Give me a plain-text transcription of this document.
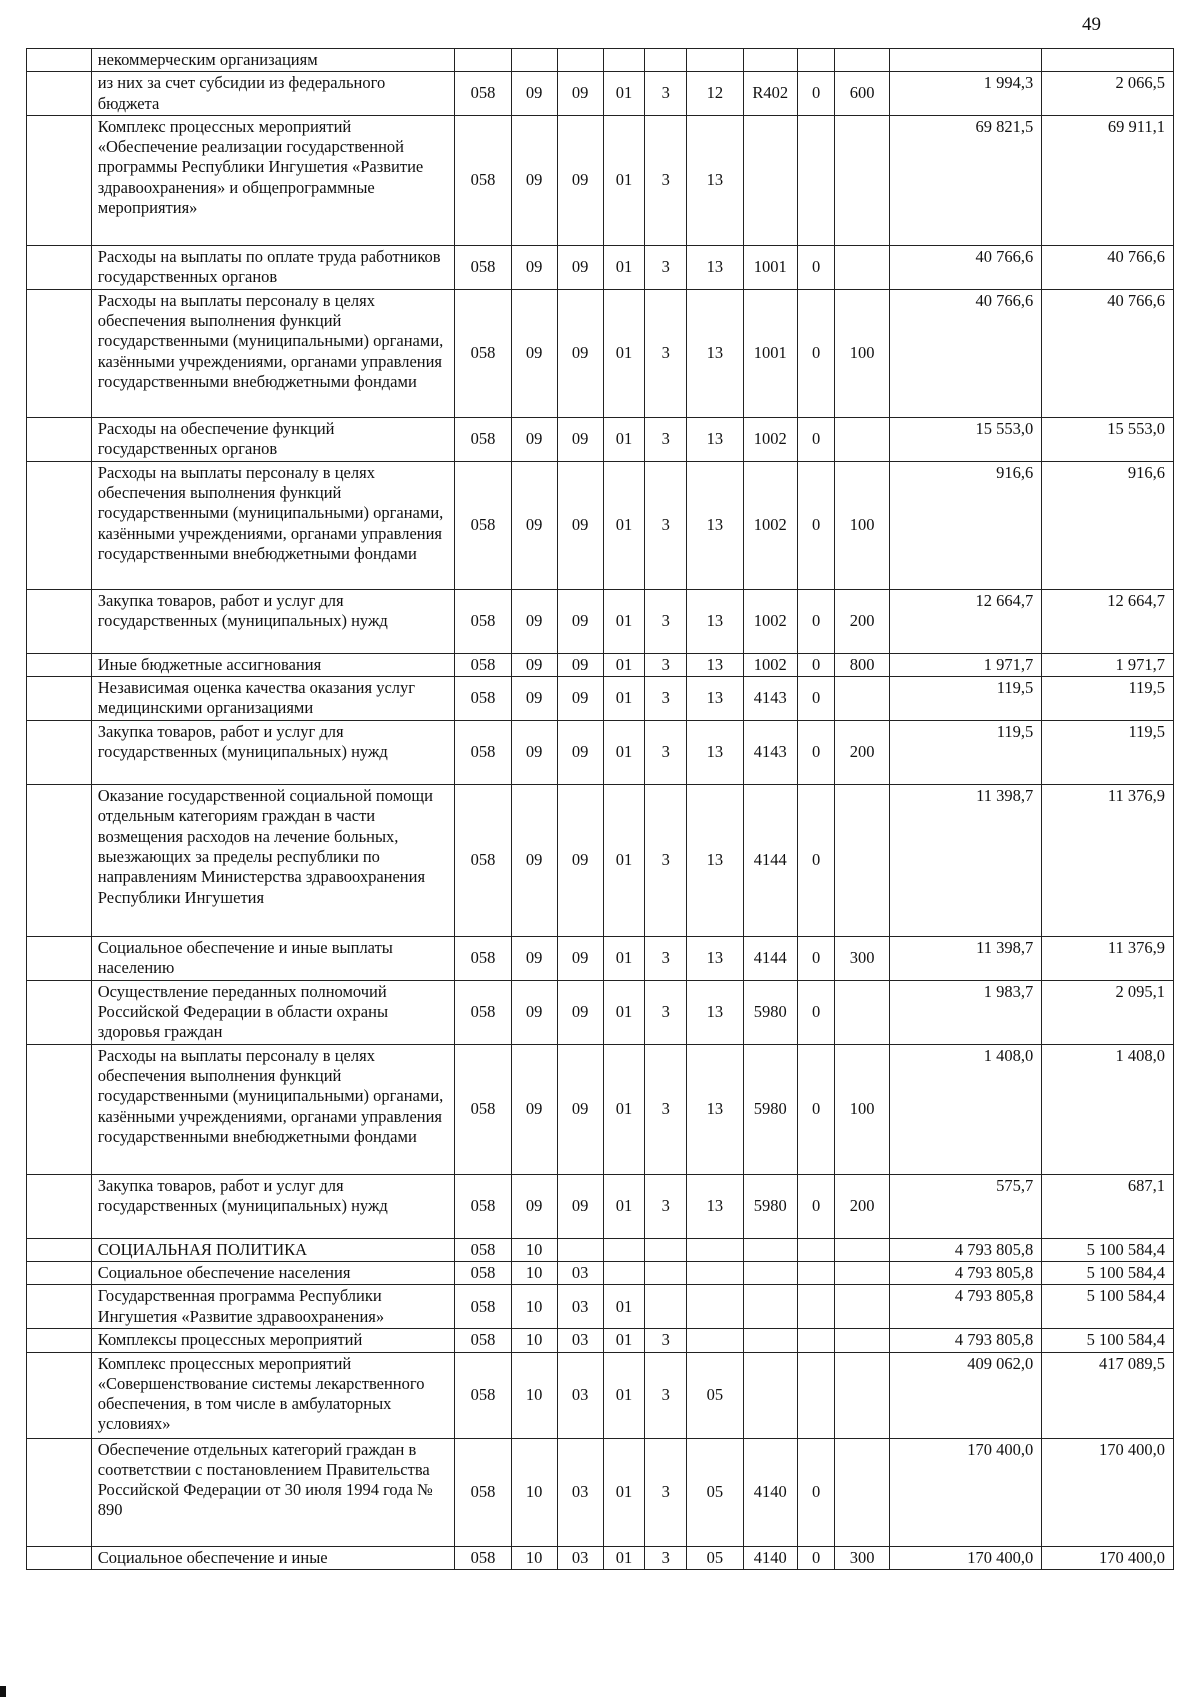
49
	некоммерческим организациям											
	из них за счет субсидии из федерального бюджета	058	09	09	01	3	12	R402	0	600	1 994,3	2 066,5
	Комплекс процессных мероприятий «Обеспечение реализации государственной программы Республики Ингушетия «Развитие здравоохранения» и общепрограммные мероприятия»	058	09	09	01	3	13				69 821,5	69 911,1
	Расходы на выплаты по оплате труда работников государственных органов	058	09	09	01	3	13	1001	0		40 766,6	40 766,6
	Расходы на выплаты персоналу в целях обеспечения выполнения функций государственными (муниципальными) органами, казёнными учреждениями, органами управления государственными внебюджетными фондами	058	09	09	01	3	13	1001	0	100	40 766,6	40 766,6
	Расходы на обеспечение функций государственных органов	058	09	09	01	3	13	1002	0		15 553,0	15 553,0
	Расходы на выплаты персоналу в целях обеспечения выполнения функций государственными (муниципальными) органами, казёнными учреждениями, органами управления государственными внебюджетными фондами	058	09	09	01	3	13	1002	0	100	916,6	916,6
	Закупка товаров, работ и услуг для государственных (муниципальных) нужд	058	09	09	01	3	13	1002	0	200	12 664,7	12 664,7
	Иные бюджетные ассигнования	058	09	09	01	3	13	1002	0	800	1 971,7	1 971,7
	Независимая оценка качества оказания услуг медицинскими организациями	058	09	09	01	3	13	4143	0		119,5	119,5
	Закупка товаров, работ и услуг для государственных (муниципальных) нужд	058	09	09	01	3	13	4143	0	200	119,5	119,5
	Оказание государственной социальной помощи отдельным категориям граждан в части возмещения расходов на лечение больных, выезжающих за пределы республики по направлениям Министерства здравоохранения Республики Ингушетия	058	09	09	01	3	13	4144	0		11 398,7	11 376,9
	Социальное обеспечение и иные выплаты населению	058	09	09	01	3	13	4144	0	300	11 398,7	11 376,9
	Осуществление переданных полномочий Российской Федерации в области охраны здоровья граждан	058	09	09	01	3	13	5980	0		1 983,7	2 095,1
	Расходы на выплаты персоналу в целях обеспечения выполнения функций государственными (муниципальными) органами, казёнными учреждениями, органами управления государственными внебюджетными фондами	058	09	09	01	3	13	5980	0	100	1 408,0	1 408,0
	Закупка товаров, работ и услуг для государственных (муниципальных) нужд	058	09	09	01	3	13	5980	0	200	575,7	687,1
	СОЦИАЛЬНАЯ ПОЛИТИКА	058	10								4 793 805,8	5 100 584,4
	Социальное обеспечение населения	058	10	03							4 793 805,8	5 100 584,4
	Государственная программа Республики Ингушетия «Развитие здравоохранения»	058	10	03	01						4 793 805,8	5 100 584,4
	Комплексы процессных мероприятий	058	10	03	01	3					4 793 805,8	5 100 584,4
	Комплекс процессных мероприятий «Совершенствование системы лекарственного обеспечения, в том числе в амбулаторных условиях»	058	10	03	01	3	05				409 062,0	417 089,5
	Обеспечение отдельных категорий граждан в соответствии с постановлением Правительства Российской Федерации от 30 июля 1994 года № 890	058	10	03	01	3	05	4140	0		170 400,0	170 400,0
	Социальное обеспечение и иные	058	10	03	01	3	05	4140	0	300	170 400,0	170 400,0
